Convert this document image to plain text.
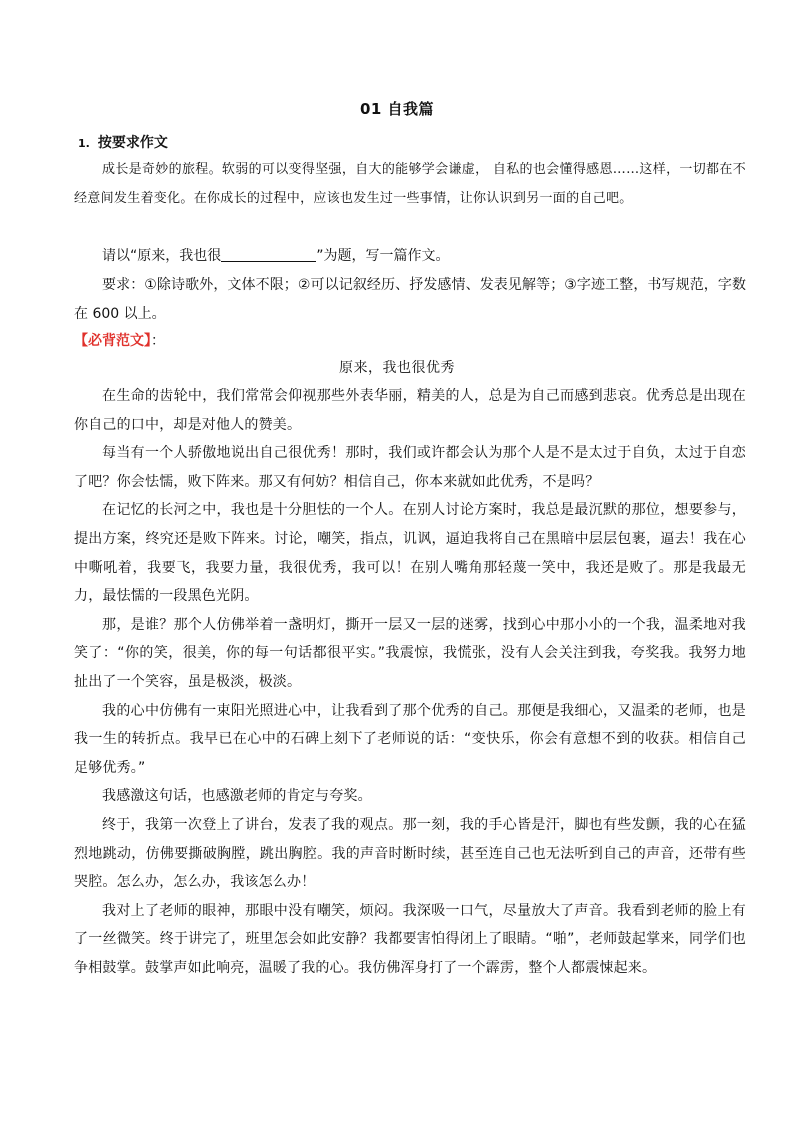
01 自我篇
1. 按要求作文

成长是奇妙的旅程。软弱的可以变得坚强，自大的能够学会谦虚， 自私的也会懂得感恩……这样，一切都在不经意间发生着变化。在你成长的过程中，应该也发生过一些事情，让你认识到另一面的自己吧。

请以“原来，我也很	”为题，写一篇作文。

要求：①除诗歌外，文体不限；②可以记叙经历、抒发感情、发表见解等；③字迹工整，书写规范，字数在 600 以上。

【必背范文】：
原来，我也很优秀

在生命的齿轮中，我们常常会仰视那些外表华丽，精美的人，总是为自己而感到悲哀。优秀总是出现在你自己的口中，却是对他人的赞美。

每当有一个人骄傲地说出自己很优秀！那时，我们或许都会认为那个人是不是太过于自负，太过于自恋了吧？你会怯懦，败下阵来。那又有何妨？相信自己，你本来就如此优秀，不是吗？

在记忆的长河之中，我也是十分胆怯的一个人。在别人讨论方案时，我总是最沉默的那位，想要参与，提出方案，终究还是败下阵来。讨论，嘲笑，指点，讥讽，逼迫我将自己在黑暗中层层包裹，逼去！我在心中嘶吼着，我要飞，我要力量，我很优秀，我可以！在别人嘴角那轻蔑一笑中，我还是败了。那是我最无力，最怯懦的一段黑色光阴。

那，是谁？那个人仿佛举着一盏明灯，撕开一层又一层的迷雾，找到心中那小小的一个我，温柔地对我笑了：“你的笑，很美，你的每一句话都很平实。”我震惊，我慌张，没有人会关注到我，夸奖我。我努力地扯出了一个笑容，虽是极淡，极淡。

我的心中仿佛有一束阳光照进心中，让我看到了那个优秀的自己。那便是我细心，又温柔的老师，也是我一生的转折点。我早已在心中的石碑上刻下了老师说的话：“变快乐，你会有意想不到的收获。相信自己足够优秀。”

我感激这句话，也感激老师的肯定与夸奖。

终于，我第一次登上了讲台，发表了我的观点。那一刻，我的手心皆是汗，脚也有些发颤，我的心在猛烈地跳动，仿佛要撕破胸膛，跳出胸腔。我的声音时断时续，甚至连自己也无法听到自己的声音，还带有些哭腔。怎么办，怎么办，我该怎么办！

我对上了老师的眼神，那眼中没有嘲笑，烦闷。我深吸一口气，尽量放大了声音。我看到老师的脸上有了一丝微笑。终于讲完了，班里怎会如此安静？我都要害怕得闭上了眼睛。“啪”，老师鼓起掌来，同学们也争相鼓掌。鼓掌声如此响亮，温暖了我的心。我仿佛浑身打了一个霹雳，整个人都震悚起来。
